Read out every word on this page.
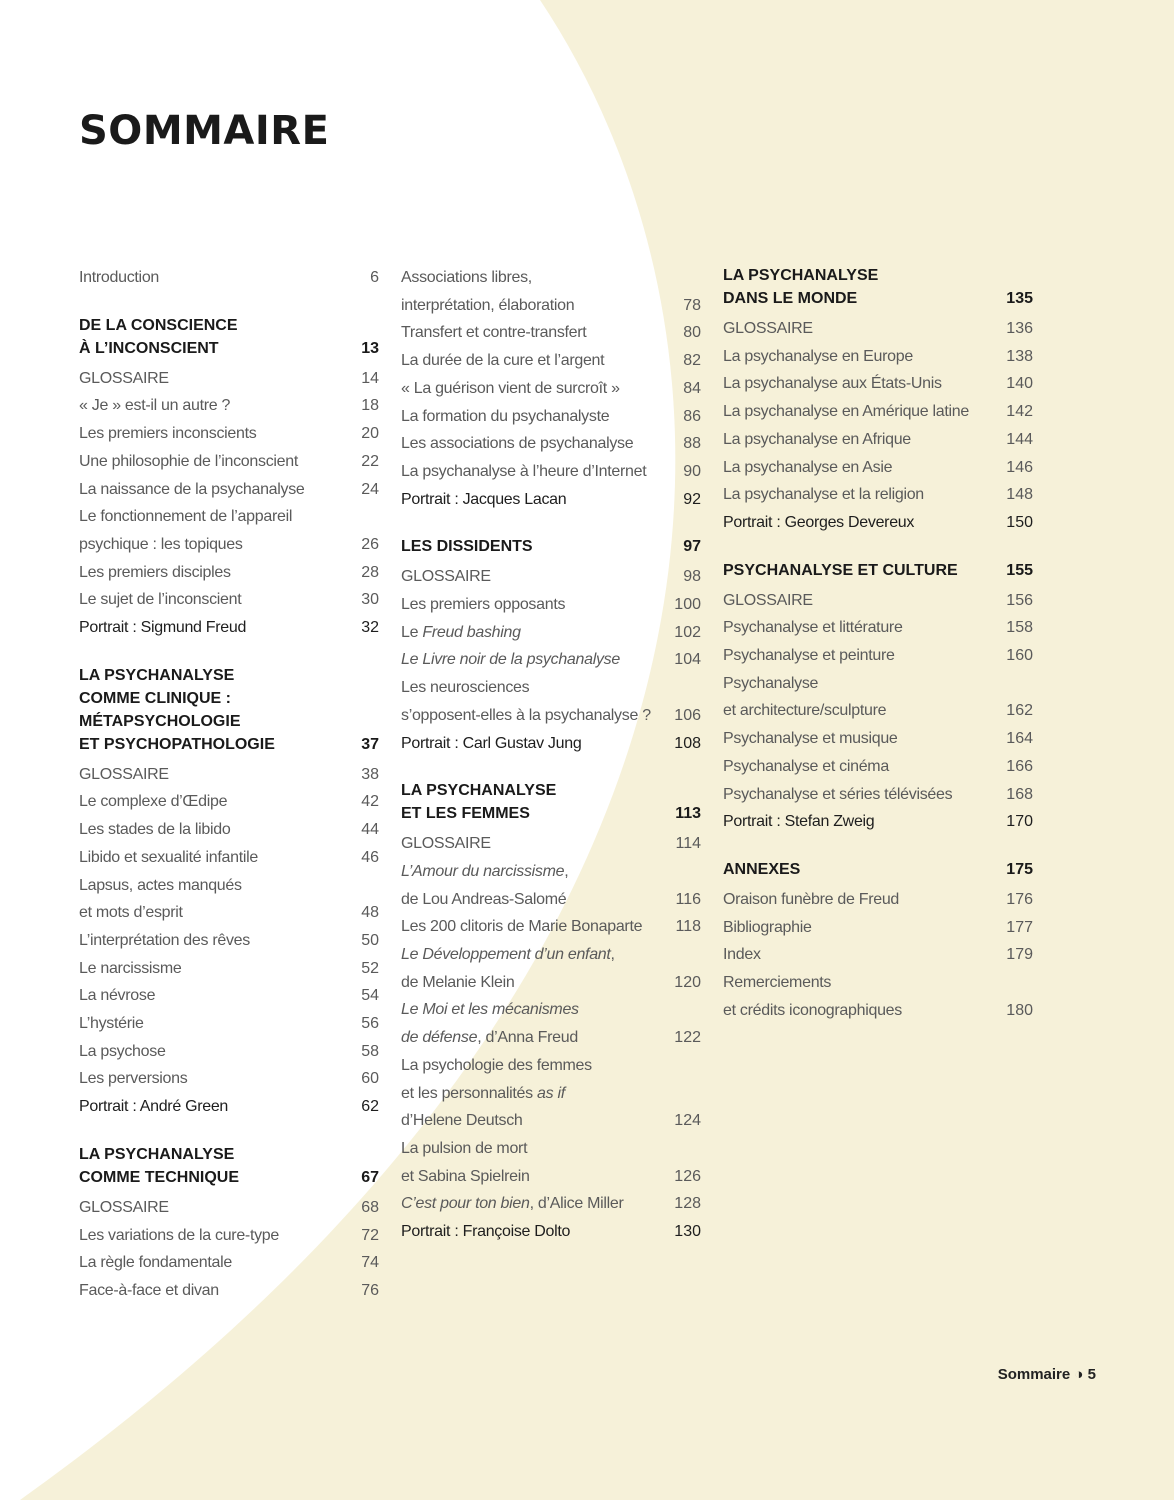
SOMMAIRE
Introduction	6
DE LA CONSCIENCE
À L’INCONSCIENT	13
GLOSSAIRE	14
« Je » est-il un autre ?	18
Les premiers inconscients	20
Une philosophie de l’inconscient	22
La naissance de la psychanalyse	24
Le fonctionnement de l’appareil
psychique : les topiques	26
Les premiers disciples	28
Le sujet de l’inconscient	30
Portrait : Sigmund Freud	32
LA PSYCHANALYSE
COMME CLINIQUE :
MÉTAPSYCHOLOGIE
ET PSYCHOPATHOLOGIE	37
GLOSSAIRE	38
Le complexe d’Œdipe	42
Les stades de la libido	44
Libido et sexualité infantile	46
Lapsus, actes manqués
et mots d’esprit	48
L’interprétation des rêves	50
Le narcissisme	52
La névrose	54
L’hystérie	56
La psychose	58
Les perversions	60
Portrait : André Green	62
LA PSYCHANALYSE
COMME TECHNIQUE	67
GLOSSAIRE	68
Les variations de la cure-type	72
La règle fondamentale	74
Face-à-face et divan	76
Associations libres,
interprétation, élaboration	78
Transfert et contre-transfert	80
La durée de la cure et l’argent	82
« La guérison vient de surcroît »	84
La formation du psychanalyste	86
Les associations de psychanalyse	88
La psychanalyse à l’heure d’Internet	90
Portrait : Jacques Lacan	92
LES DISSIDENTS	97
GLOSSAIRE	98
Les premiers opposants	100
Le Freud bashing	102
Le Livre noir de la psychanalyse	104
Les neurosciences
s’opposent-elles à la psychanalyse ?	106
Portrait : Carl Gustav Jung	108
LA PSYCHANALYSE
ET LES FEMMES	113
GLOSSAIRE	114
L’Amour du narcissisme,
de Lou Andreas-Salomé	116
Les 200 clitoris de Marie Bonaparte	118
Le Développement d’un enfant,
de Melanie Klein	120
Le Moi et les mécanismes
de défense, d’Anna Freud	122
La psychologie des femmes
et les personnalités as if
d’Helene Deutsch	124
La pulsion de mort
et Sabina Spielrein	126
C’est pour ton bien, d’Alice Miller	128
Portrait : Françoise Dolto	130
LA PSYCHANALYSE
DANS LE MONDE	135
GLOSSAIRE	136
La psychanalyse en Europe	138
La psychanalyse aux États-Unis	140
La psychanalyse en Amérique latine	142
La psychanalyse en Afrique	144
La psychanalyse en Asie	146
La psychanalyse et la religion	148
Portrait : Georges Devereux	150
PSYCHANALYSE ET CULTURE	155
GLOSSAIRE	156
Psychanalyse et littérature	158
Psychanalyse et peinture	160
Psychanalyse
et architecture/sculpture	162
Psychanalyse et musique	164
Psychanalyse et cinéma	166
Psychanalyse et séries télévisées	168
Portrait : Stefan Zweig	170
ANNEXES	175
Oraison funèbre de Freud	176
Bibliographie	177
Index	179
Remerciements
et crédits iconographiques	180
Sommaire ◑ 5
